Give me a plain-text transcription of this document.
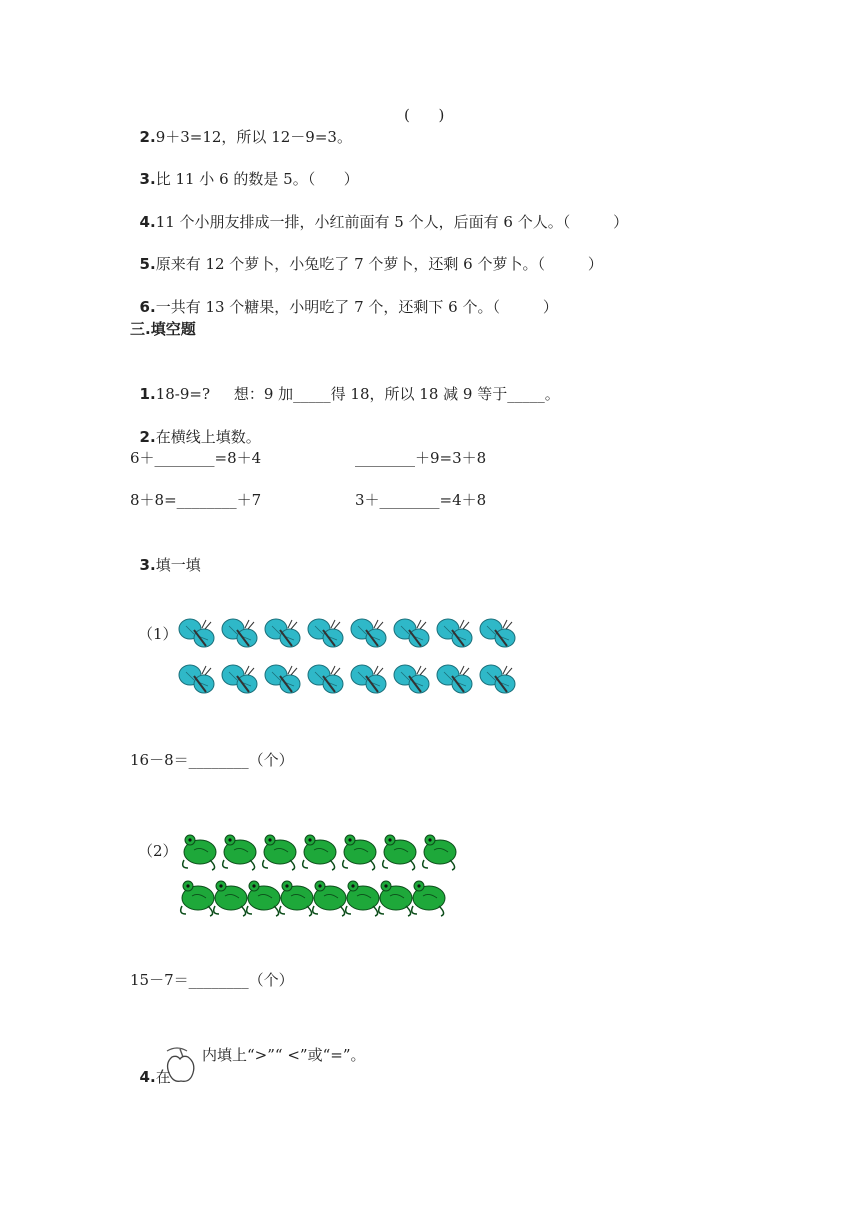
2.9＋3=12，所以 12－9=3。

(      )

3.比 11 小 6 的数是 5。（      ）

4.11 个小朋友排成一排，小红前面有 5 个人，后面有 6 个人。（         ）

5.原来有 12 个萝卜，小兔吃了 7 个萝卜，还剩 6 个萝卜。（         ）

6.一共有 13 个糖果，小明吃了 7 个，还剩下 6 个。（         ）

三.填空题

1.18-9=?     想：9 加_____得 18，所以 18 减 9 等于_____。

2.在横线上填数。

6＋________=8＋4	________＋9=3＋8
8＋8=________＋7	3＋________=4＋8

3.填一填

（1）
16－8＝________（个）
（2）
15－7＝________（个）

4.在

内填上“>”“ <”或“=”。
